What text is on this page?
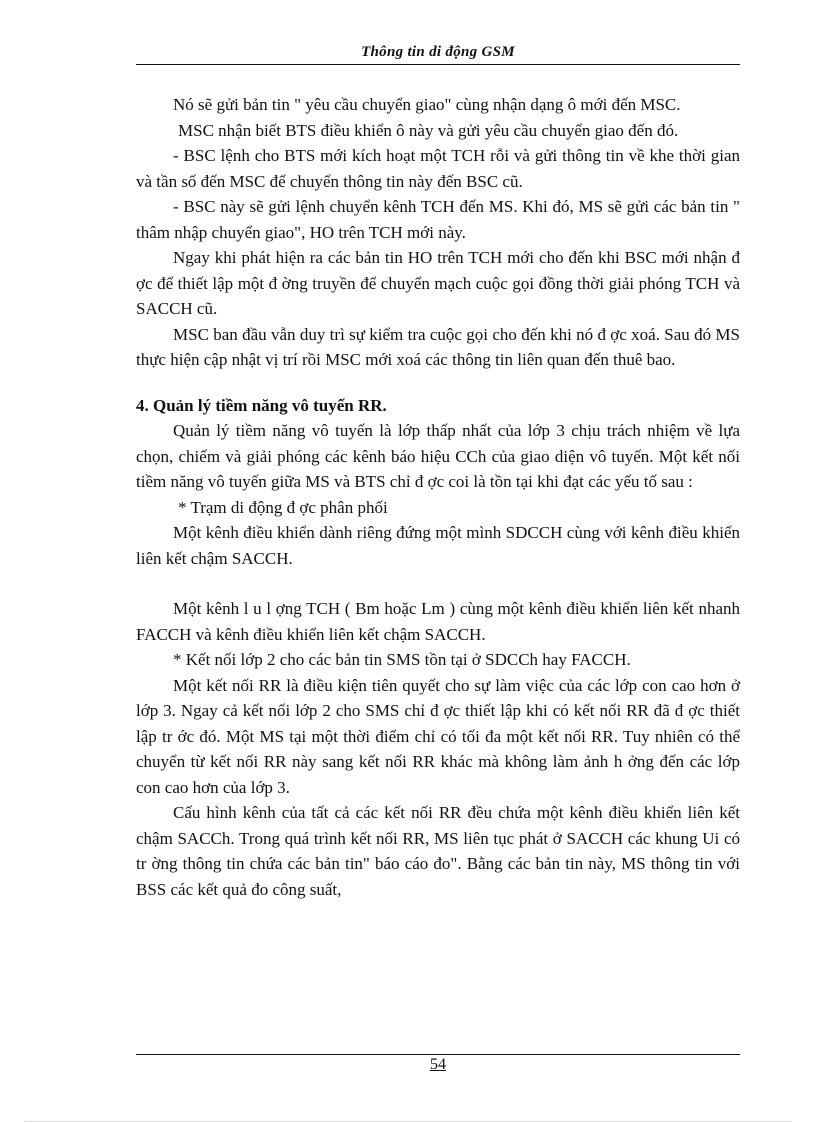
Thông tin di động GSM

Nó sẽ gửi bản tin " yêu cầu chuyển giao" cùng nhận dạng ô mới đến MSC.

MSC nhận biết BTS điều khiển ô này và gửi yêu cầu chuyển giao đến đó.

- BSC lệnh cho BTS mới kích hoạt một TCH rỗi và gửi thông tin về khe thời gian và tần số đến MSC để chuyển thông tin này đến BSC cũ.

- BSC này sẽ gửi lệnh chuyển kênh TCH đến MS. Khi đó, MS sẽ gửi các bản tin " thâm nhập chuyển giao", HO trên TCH mới này.

Ngay khi phát hiện ra các bản tin HO trên TCH mới cho đến khi BSC mới nhận đ ợc để thiết lập một đ ờng truyền để chuyển mạch cuộc gọi đồng thời giải phóng TCH và SACCH cũ.

MSC ban đầu vẫn duy trì sự kiểm tra cuộc gọi cho đến khi nó đ ợc xoá. Sau đó MS thực hiện cập nhật vị trí rồi MSC mới xoá các thông tin liên quan đến thuê bao.

4. Quản lý tiềm năng vô tuyến RR.

Quản lý tiềm năng vô tuyến là lớp thấp nhất của lớp 3 chịu trách nhiệm về lựa chọn, chiếm và giải phóng các kênh báo hiệu CCh của giao diện vô tuyến. Một kết nối tiềm năng vô tuyến giữa MS và BTS chỉ đ ợc coi là tồn tại khi đạt các yếu tố sau :

* Trạm di động đ ợc phân phối

Một kênh điều khiển dành riêng đứng một mình SDCCH cùng với kênh điều khiển liên kết chậm SACCH.

Một kênh l u l ợng TCH ( Bm hoặc Lm ) cùng một kênh điều khiển liên kết nhanh FACCH và kênh điều khiển liên kết chậm SACCH.

* Kết nối lớp 2 cho các bản tin SMS tồn tại ở SDCCh hay FACCH.

Một kết nối RR là điều kiện tiên quyết cho sự làm việc của các lớp con cao hơn ở lớp 3. Ngay cả kết nối lớp 2 cho SMS chỉ đ ợc thiết lập khi có kết nối RR đã đ ợc thiết lập tr ớc đó. Một MS tại một thời điểm chỉ có tối đa một kết nối RR. Tuy nhiên có thể chuyển từ kết nối RR này sang kết nối RR khác mà không làm ảnh h ởng đến các lớp con cao hơn của lớp 3.

Cấu hình kênh của tất cả các kết nối RR đều chứa một kênh điều khiển liên kết chậm SACCh. Trong quá trình kết nối RR, MS liên tục phát ở SACCH các khung Ui có tr ờng thông tin chứa các bản tin" báo cáo đo". Bằng các bản tin này, MS thông tin với BSS các kết quả đo công suất,

54
